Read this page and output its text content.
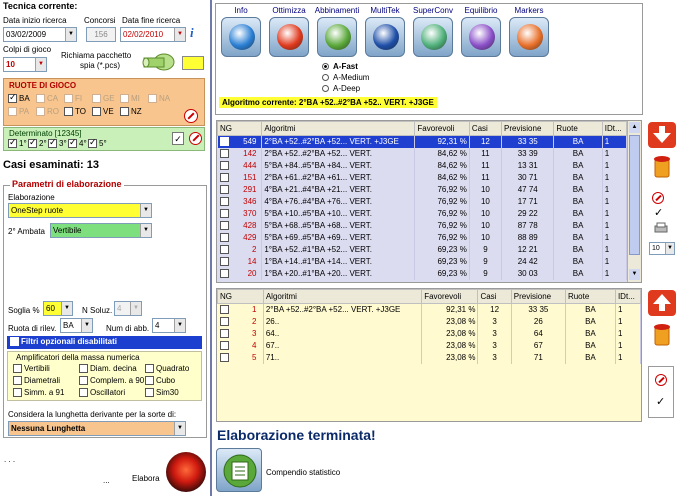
Tecnica corrente:
Data inizio ricerca
03/02/2009	▼
Concorsi
156
Data fine ricerca
02/02/2010	▼ i
Colpi di gioco
10	▼
Richiama pacchetto
spia (*.pcs)
RUOTE DI GIOCO
✓BA	CA	FI	GE	MI	NA
PA	RO	TO	VE	NZ
Determinato [12345]
✓1° ✓	2° ✓	3° ✓	4° ✓	5°	✓
Casi esaminati: 13
Parametri di elaborazione
Elaborazione
OneStep ruote	▼
2° Ambata	Vertibile	▼
Soglia % 60	▼ N Soluz. 4	▼
Ruota di rilev. BA	▼ Num di abb. 4	▼
Filtri opzionali disabilitati
Amplificatori della massa numerica
Vertibili	Diam. decina	Quadrato
Diametrali	Complem. a 90	Cubo
Simm. a 91	Oscillatori	Sim30
Considera la lunghetta derivante per la sorte di:
Nessuna Lunghetta	▼
. . .
...	Elabora
Info	Ottimizza	Abbinamenti	MultiTek	SuperConv	Equilibrio	Markers
A-Fast
A-Medium
A-Deep
Algoritmo corrente: 2°BA +52..#2°BA +52.. VERT. +J3GE
NG	Algoritmi	Favorevoli	Casi	Previsione	Ruote	IDt...
549	2°BA +52..#2°BA +52... VERT. +J3GE	92,31 %	12	33 35	BA	1
142	2°BA +52..#2°BA +52... VERT.	84,62 %	11	33 39	BA	1
444	5°BA +84..#5°BA +84... VERT.	84,62 %	11	13 31	BA	1
151	2°BA +61..#2°BA +61... VERT.	84,62 %	11	30 71	BA	1
291	4°BA +21..#4°BA +21... VERT.	76,92 %	10	47 74	BA	1
346	4°BA +76..#4°BA +76... VERT.	76,92 %	10	17 71	BA	1
370	5°BA +10..#5°BA +10... VERT.	76,92 %	10	29 22	BA	1
428	5°BA +68..#5°BA +68... VERT.	76,92 %	10	87 78	BA	1
429	5°BA +69..#5°BA +69... VERT.	76,92 %	10	88 89	BA	1
2	1°BA +52..#1°BA +52... VERT.	69,23 %	9	12 21	BA	1
14	1°BA +14..#1°BA +14... VERT.	69,23 %	9	24 42	BA	1
20	1°BA +20..#1°BA +20... VERT.	69,23 %	9	30 03	BA	1
▲
▼
NG	Algoritmi	Favorevoli	Casi	Previsione	Ruote	IDt...
1	2°BA +52..#2°BA +52... VERT. +J3GE	92,31 %	12	33 35	BA	1
2	26..	23,08 %	3	26	BA	1
3	64..	23,08 %	3	64	BA	1
4	67..	23,08 %	3	67	BA	1
5	71..	23,08 %	3	71	BA	1
✓
10	▼
✓
Elaborazione terminata!
Compendio statistico
